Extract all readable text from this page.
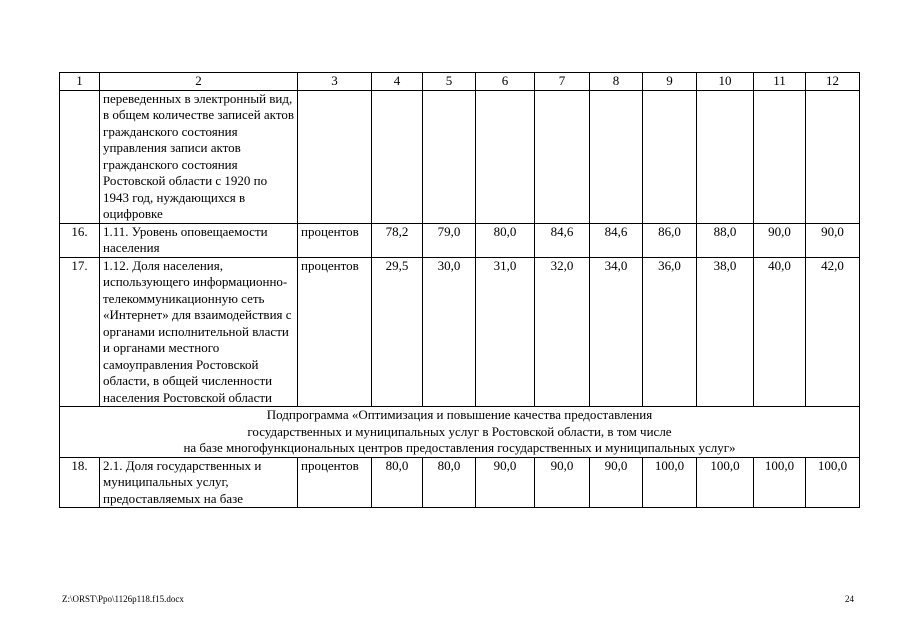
1	2	3	4	5	6	7	8	9	10	11	12
	переведенных в электронный вид, в общем количестве записей актов гражданского состояния управления записи актов гражданского состояния Ростовской области с 1920 по 1943 год, нуждающихся в оцифровке										
16.	1.11. Уровень оповещаемости населения	процентов	78,2	79,0	80,0	84,6	84,6	86,0	88,0	90,0	90,0
17.	1.12. Доля населения, использующего информационно-телекоммуникационную сеть «Интернет» для взаимодействия с органами исполнительной власти и органами местного самоуправления Ростовской области, в общей численности населения Ростовской области	процентов	29,5	30,0	31,0	32,0	34,0	36,0	38,0	40,0	42,0

Подпрограмма «Оптимизация и повышение качества предоставления
государственных и муниципальных услуг в Ростовской области, в том числе
на базе многофункциональных центров предоставления государственных и муниципальных услуг»											

18.	2.1. Доля государственных и муниципальных услуг, предоставляемых на базе	процентов	80,0	80,0	90,0	90,0	90,0	100,0	100,0	100,0	100,0
Z:\ORST\Ppo\1126p118.f15.docx	24
